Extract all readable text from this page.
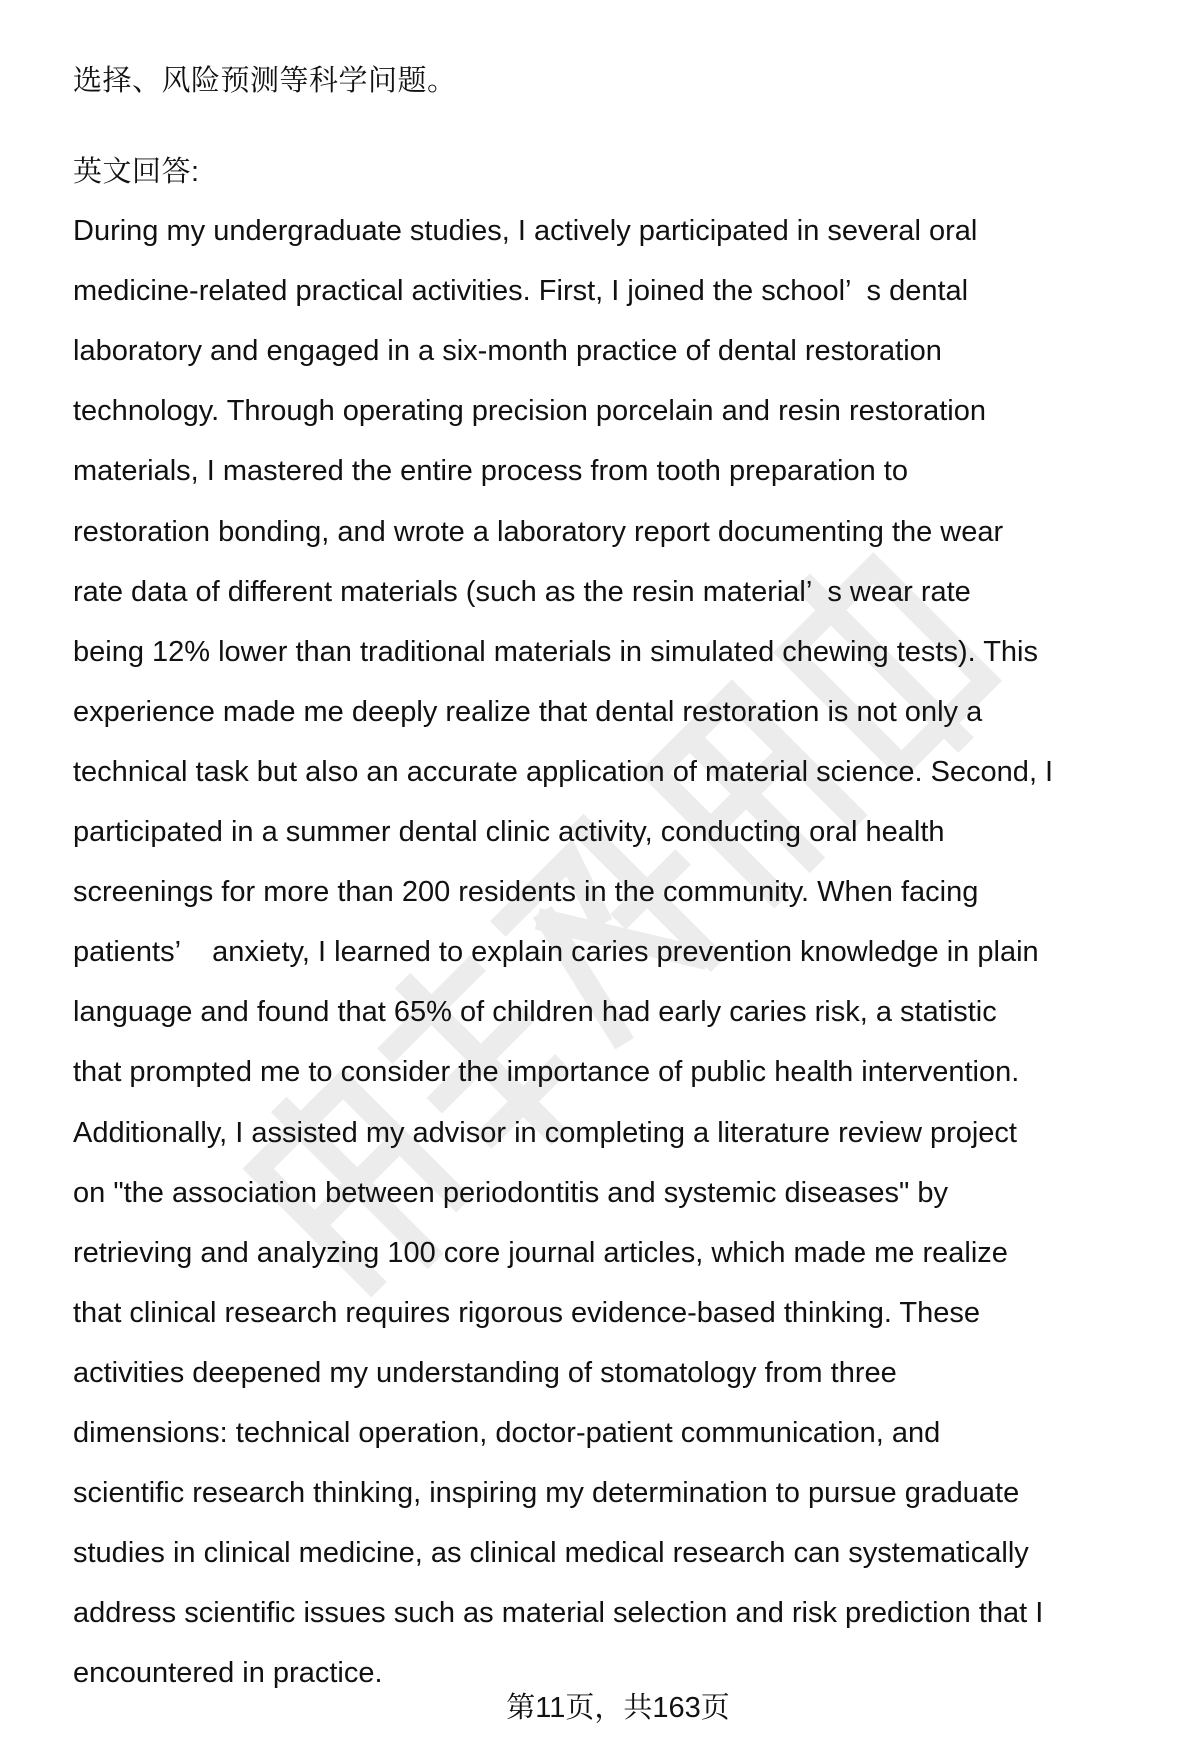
选择、风险预测等科学问题。
英文回答:
During my undergraduate studies, I actively participated in several oral
medicine-related practical activities. First, I joined the school’  s dental
laboratory and engaged in a six-month practice of dental restoration
technology. Through operating precision porcelain and resin restoration
materials, I mastered the entire process from tooth preparation to
restoration bonding, and wrote a laboratory report documenting the wear
rate data of different materials (such as the resin material’  s wear rate
being 12% lower than traditional materials in simulated chewing tests). This
experience made me deeply realize that dental restoration is not only a
technical task but also an accurate application of material science. Second, I
participated in a summer dental clinic activity, conducting oral health
screenings for more than 200 residents in the community. When facing
patients’    anxiety, I learned to explain caries prevention knowledge in plain
language and found that 65% of children had early caries risk, a statistic
that prompted me to consider the importance of public health intervention.
Additionally, I assisted my advisor in completing a literature review project
on "the association between periodontitis and systemic diseases" by
retrieving and analyzing 100 core journal articles, which made me realize
that clinical research requires rigorous evidence-based thinking. These
activities deepened my understanding of stomatology from three
dimensions: technical operation, doctor-patient communication, and
scientific research thinking, inspiring my determination to pursue graduate
studies in clinical medicine, as clinical medical research can systematically
address scientific issues such as material selection and risk prediction that I
encountered in practice.
第11页，共163页
